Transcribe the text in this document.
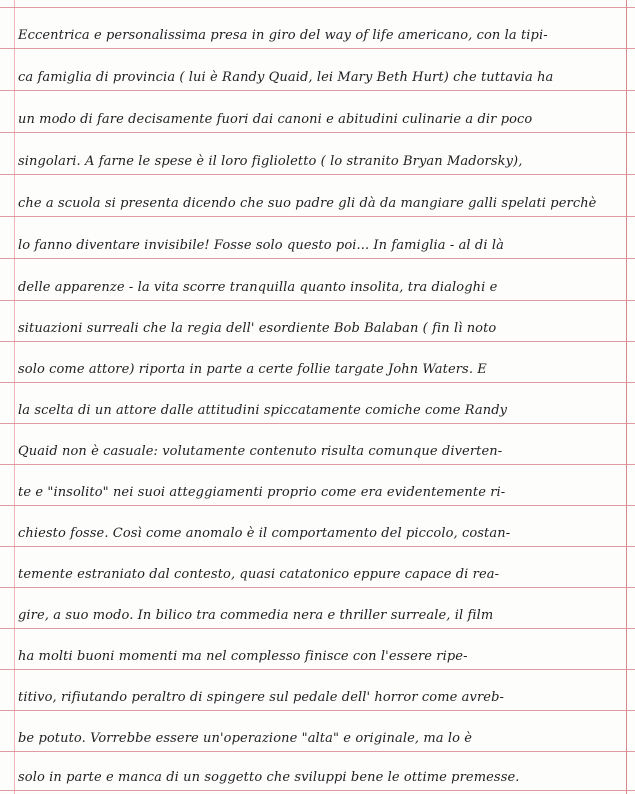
Eccentrica e personalissima presa in giro del way of life americano, con la tipi-
ca famiglia di provincia ( lui è Randy Quaid, lei Mary Beth Hurt) che tuttavia ha
un modo di fare decisamente fuori dai canoni e abitudini culinarie a dir poco
singolari. A farne le spese è il loro figlioletto ( lo stranito Bryan Madorsky),
che a scuola si presenta dicendo che suo padre gli dà da mangiare galli spelati perchè
lo fanno diventare invisibile! Fosse solo questo poi... In famiglia - al di là
delle apparenze - la vita scorre tranquilla quanto insolita, tra dialoghi e
situazioni surreali che la regia dell' esordiente Bob Balaban ( fin lì noto
solo come attore) riporta in parte a certe follie targate John Waters. E
la scelta di un attore dalle attitudini spiccatamente comiche come Randy
Quaid non è casuale: volutamente contenuto risulta comunque diverten-
te e "insolito" nei suoi atteggiamenti proprio come era evidentemente ri-
chiesto fosse. Così come anomalo è il comportamento del piccolo, costan-
temente estraniato dal contesto, quasi catatonico eppure capace di rea-
gire, a suo modo. In bilico tra commedia nera e thriller surreale, il film
ha molti buoni momenti ma nel complesso finisce con l'essere ripe-
titivo, rifiutando peraltro di spingere sul pedale dell' horror come avreb-
be potuto. Vorrebbe essere un'operazione "alta" e originale, ma lo è
solo in parte e manca di un soggetto che sviluppi bene le ottime premesse.
